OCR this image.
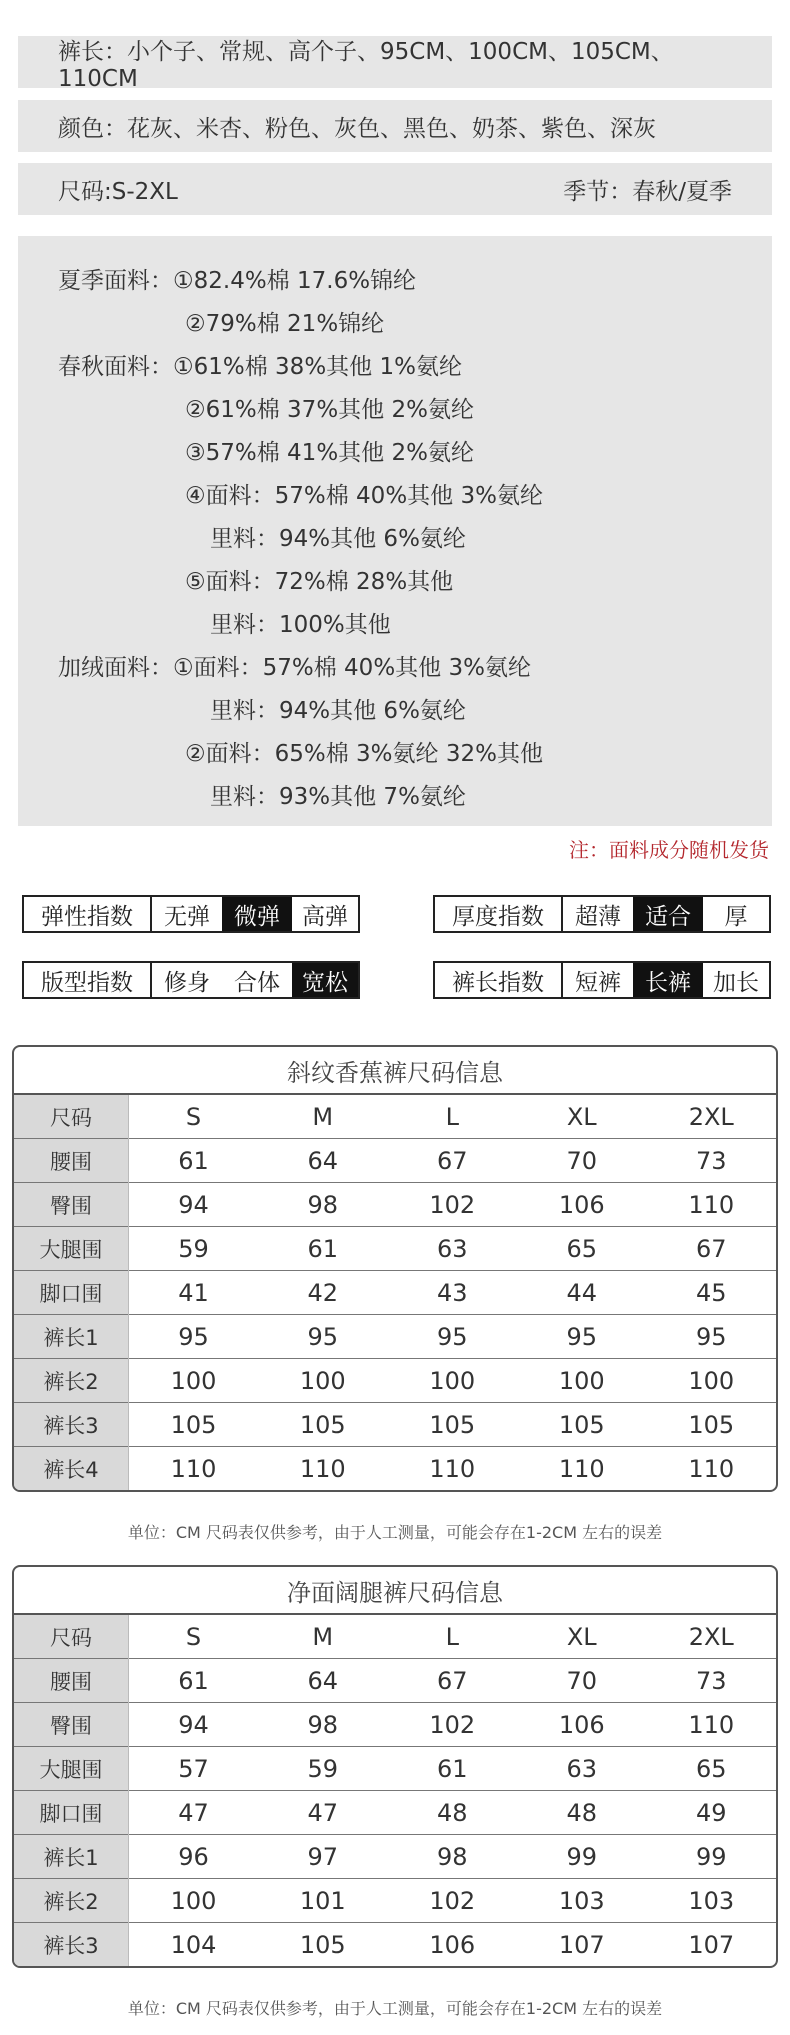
裤长：小个子、常规、高个子、95CM、100CM、105CM、110CM
颜色：花灰、米杏、粉色、灰色、黑色、奶茶、紫色、深灰
尺码:S-2XL	季节：春秋/夏季
夏季面料：①82.4%棉 17.6%锦纶
②79%棉 21%锦纶
春秋面料：①61%棉 38%其他 1%氨纶
②61%棉 37%其他 2%氨纶
③57%棉 41%其他 2%氨纶
④面料：57%棉 40%其他 3%氨纶
里料：94%其他 6%氨纶
⑤面料：72%棉 28%其他
里料：100%其他
加绒面料：①面料：57%棉 40%其他 3%氨纶
里料：94%其他 6%氨纶
②面料：65%棉 3%氨纶 32%其他
里料：93%其他 7%氨纶
注：面料成分随机发货
弹性指数	无弹	微弹 高弹	厚度指数	超薄	适合	厚
版型指数	修身	合体 宽松	裤长指数	短裤	长裤 加长
斜纹香蕉裤尺码信息
尺码	S	M	L	XL	2XL
腰围	61	64	67	70	73
臀围	94	98	102	106	110
大腿围	59	61	63	65	67
脚口围	41	42	43	44	45
裤长1	95	95	95	95	95
裤长2	100	100	100	100	100
裤长3	105	105	105	105	105
裤长4	110	110	110	110	110
单位：CM 尺码表仅供参考，由于人工测量，可能会存在1-2CM 左右的误差
净面阔腿裤尺码信息
尺码	S	M	L	XL	2XL
腰围	61	64	67	70	73
臀围	94	98	102	106	110
大腿围	57	59	61	63	65
脚口围	47	47	48	48	49
裤长1	96	97	98	99	99
裤长2	100	101	102	103	103
裤长3	104	105	106	107	107
单位：CM 尺码表仅供参考，由于人工测量，可能会存在1-2CM 左右的误差
